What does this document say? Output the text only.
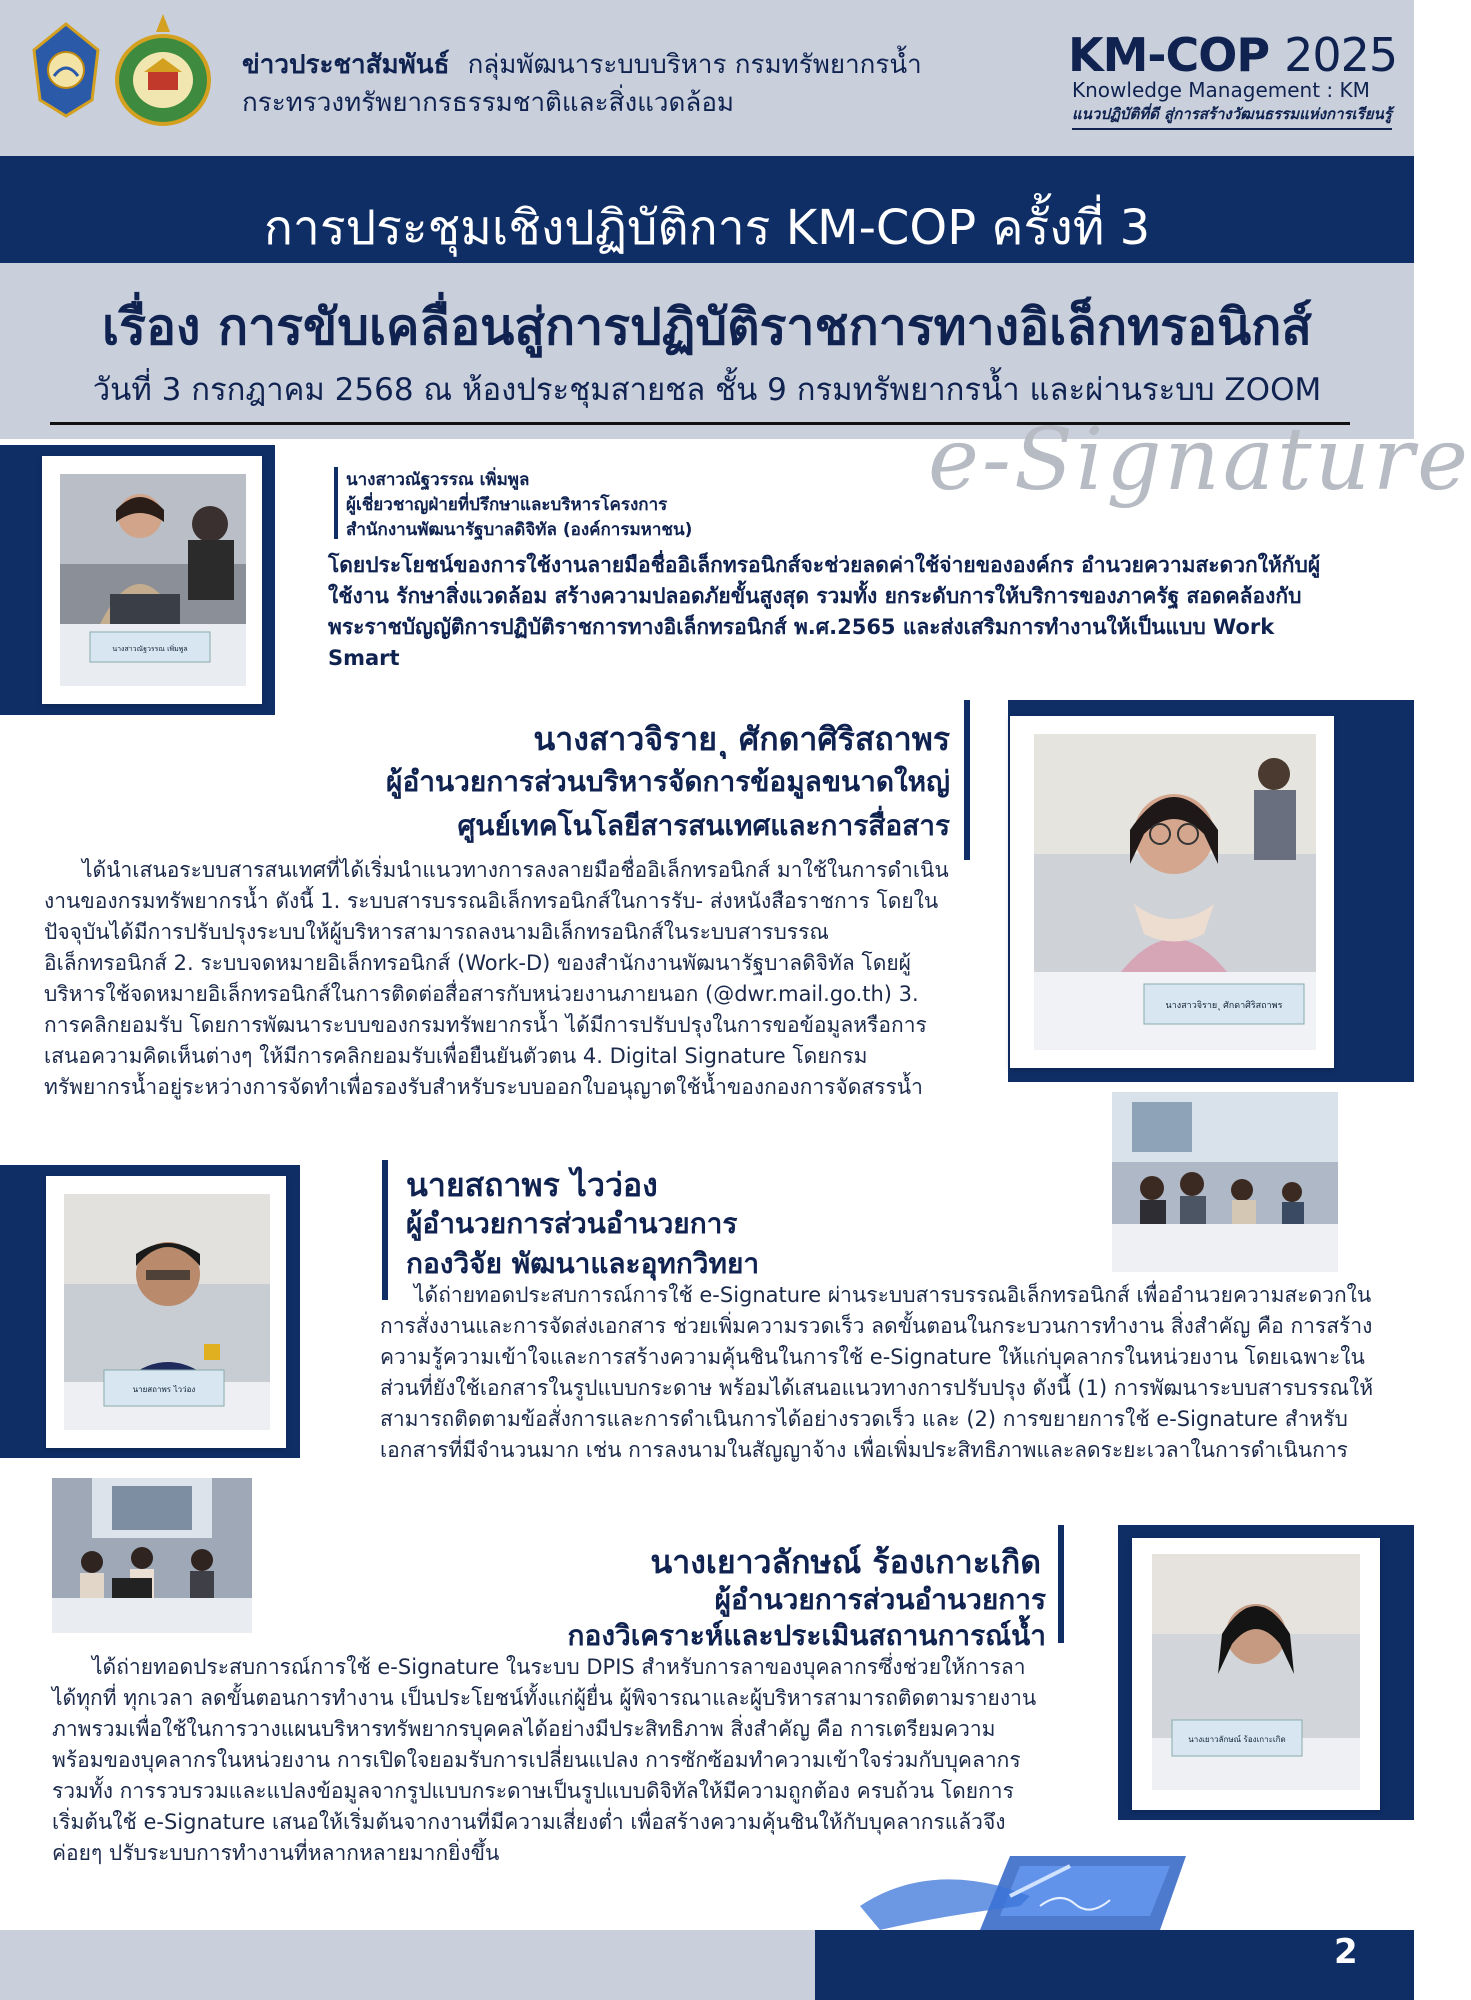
ข่าวประชาสัมพันธ์ กลุ่มพัฒนาระบบบริหาร กรมทรัพยากรน้ำ
กระทรวงทรัพยากรธรรมชาติและสิ่งแวดล้อม
KM-COP 2025
Knowledge Management : KM
แนวปฏิบัติที่ดี สู่การสร้างวัฒนธรรมแห่งการเรียนรู้
การประชุมเชิงปฏิบัติการ KM-COP ครั้งที่ 3
เรื่อง การขับเคลื่อนสู่การปฏิบัติราชการทางอิเล็กทรอนิกส์
วันที่ 3 กรกฎาคม 2568 ณ ห้องประชุมสายชล ชั้น 9 กรมทรัพยากรน้ำ และผ่านระบบ ZOOM
e-Signature
นางสาวณัฐวรรณ เพิ่มพูล
นางสาวณัฐวรรณ เพิ่มพูล
ผู้เชี่ยวชาญฝ่ายที่ปรึกษาและบริหารโครงการ
สำนักงานพัฒนารัฐบาลดิจิทัล (องค์การมหาชน)
โดยประโยชน์ของการใช้งานลายมือชื่ออิเล็กทรอนิกส์จะช่วยลดค่าใช้จ่ายขององค์กร อำนวยความสะดวกให้กับผู้ใช้งาน รักษาสิ่งแวดล้อม สร้างความปลอดภัยขั้นสูงสุด รวมทั้ง ยกระดับการให้บริการของภาครัฐ สอดคล้องกับพระราชบัญญัติการปฏิบัติราชการทางอิเล็กทรอนิกส์ พ.ศ.2565 และส่งเสริมการทำงานให้เป็นแบบ Work Smart
นางสาวจิราย ุ ศักดาศิริสถาพร
ผู้อำนวยการส่วนบริหารจัดการข้อมูลขนาดใหญ่
ศูนย์เทคโนโลยีสารสนเทศและการสื่อสาร
ได้นำเสนอระบบสารสนเทศที่ได้เริ่มนำแนวทางการลงลายมือชื่ออิเล็กทรอนิกส์ มาใช้ในการดำเนินงานของกรมทรัพยากรน้ำ ดังนี้ 1. ระบบสารบรรณอิเล็กทรอนิกส์ในการรับ- ส่งหนังสือราชการ โดยในปัจจุบันได้มีการปรับปรุงระบบให้ผู้บริหารสามารถลงนามอิเล็กทรอนิกส์ในระบบสารบรรณอิเล็กทรอนิกส์ 2. ระบบจดหมายอิเล็กทรอนิกส์ (Work-D) ของสำนักงานพัฒนารัฐบาลดิจิทัล โดยผู้บริหารใช้จดหมายอิเล็กทรอนิกส์ในการติดต่อสื่อสารกับหน่วยงานภายนอก (@dwr.mail.go.th) 3. การคลิกยอมรับ โดยการพัฒนาระบบของกรมทรัพยากรน้ำ ได้มีการปรับปรุงในการขอข้อมูลหรือการเสนอความคิดเห็นต่างๆ ให้มีการคลิกยอมรับเพื่อยืนยันตัวตน 4. Digital Signature โดยกรมทรัพยากรน้ำอยู่ระหว่างการจัดทำเพื่อรองรับสำหรับระบบออกใบอนุญาตใช้น้ำของกองการจัดสรรน้ำ
นางสาวจิราย ุ ศักดาศิริสถาพร
นายสถาพร ไวว่อง
นายสถาพร ไวว่อง
ผู้อำนวยการส่วนอำนวยการ
กองวิจัย พัฒนาและอุทกวิทยา
ได้ถ่ายทอดประสบการณ์การใช้ e-Signature ผ่านระบบสารบรรณอิเล็กทรอนิกส์ เพื่ออำนวยความสะดวกในการสั่งงานและการจัดส่งเอกสาร ช่วยเพิ่มความรวดเร็ว ลดขั้นตอนในกระบวนการทำงาน สิ่งสำคัญ คือ การสร้างความรู้ความเข้าใจและการสร้างความคุ้นชินในการใช้ e-Signature ให้แก่บุคลากรในหน่วยงาน โดยเฉพาะในส่วนที่ยังใช้เอกสารในรูปแบบกระดาษ พร้อมได้เสนอแนวทางการปรับปรุง ดังนี้ (1) การพัฒนาระบบสารบรรณให้สามารถติดตามข้อสั่งการและการดำเนินการได้อย่างรวดเร็ว และ (2) การขยายการใช้ e-Signature สำหรับเอกสารที่มีจำนวนมาก เช่น การลงนามในสัญญาจ้าง เพื่อเพิ่มประสิทธิภาพและลดระยะเวลาในการดำเนินการ
นางเยาวลักษณ์ ร้องเกาะเกิด
ผู้อำนวยการส่วนอำนวยการ
กองวิเคราะห์และประเมินสถานการณ์น้ำ
ได้ถ่ายทอดประสบการณ์การใช้ e-Signature ในระบบ DPIS สำหรับการลาของบุคลากรซึ่งช่วยให้การลาได้ทุกที่ ทุกเวลา ลดขั้นตอนการทำงาน เป็นประโยชน์ทั้งแก่ผู้ยื่น ผู้พิจารณาและผู้บริหารสามารถติดตามรายงานภาพรวมเพื่อใช้ในการวางแผนบริหารทรัพยากรบุคคลได้อย่างมีประสิทธิภาพ สิ่งสำคัญ คือ การเตรียมความพร้อมของบุคลากรในหน่วยงาน การเปิดใจยอมรับการเปลี่ยนแปลง การซักซ้อมทำความเข้าใจร่วมกับบุคลากร รวมทั้ง การรวบรวมและแปลงข้อมูลจากรูปแบบกระดาษเป็นรูปแบบดิจิทัลให้มีความถูกต้อง ครบถ้วน โดยการเริ่มต้นใช้ e-Signature เสนอให้เริ่มต้นจากงานที่มีความเสี่ยงต่ำ เพื่อสร้างความคุ้นชินให้กับบุคลากรแล้วจึงค่อยๆ ปรับระบบการทำงานที่หลากหลายมากยิ่งขึ้น
นางเยาวลักษณ์ ร้องเกาะเกิด
2
